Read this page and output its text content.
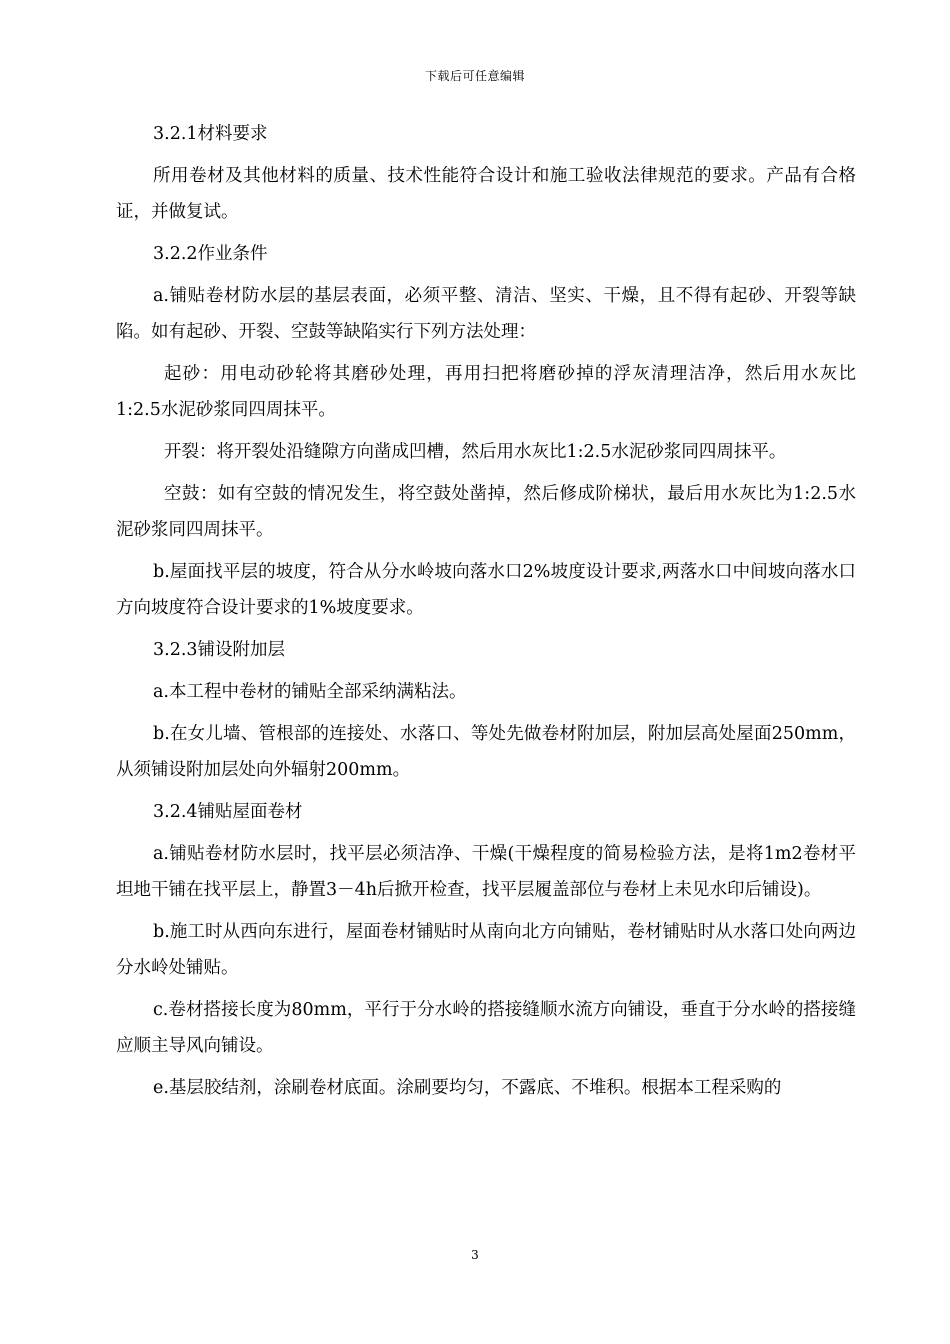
下载后可任意编辑

3.2.1材料要求

所用卷材及其他材料的质量、技术性能符合设计和施工验收法律规范的要求。产品有合格证，并做复试。

3.2.2作业条件

a.铺贴卷材防水层的基层表面，必须平整、清洁、坚实、干燥，且不得有起砂、开裂等缺陷。如有起砂、开裂、空鼓等缺陷实行下列方法处理：

起砂：用电动砂轮将其磨砂处理，再用扫把将磨砂掉的浮灰清理洁净，然后用水灰比1:2.5水泥砂浆同四周抹平。

开裂：将开裂处沿缝隙方向凿成凹槽，然后用水灰比1:2.5水泥砂浆同四周抹平。

空鼓：如有空鼓的情况发生，将空鼓处凿掉，然后修成阶梯状，最后用水灰比为1:2.5水泥砂浆同四周抹平。

b.屋面找平层的坡度，符合从分水岭坡向落水口2%坡度设计要求,两落水口中间坡向落水口方向坡度符合设计要求的1%坡度要求。

3.2.3铺设附加层

a.本工程中卷材的铺贴全部采纳满粘法。

b.在女儿墙、管根部的连接处、水落口、等处先做卷材附加层，附加层高处屋面250mm，从须铺设附加层处向外辐射200mm。

3.2.4铺贴屋面卷材

a.铺贴卷材防水层时，找平层必须洁净、干燥(干燥程度的简易检验方法，是将1m2卷材平坦地干铺在找平层上，静置3－4h后掀开检查，找平层履盖部位与卷材上未见水印后铺设)。

b.施工时从西向东进行，屋面卷材铺贴时从南向北方向铺贴，卷材铺贴时从水落口处向两边分水岭处铺贴。

c.卷材搭接长度为80mm，平行于分水岭的搭接缝顺水流方向铺设，垂直于分水岭的搭接缝应顺主导风向铺设。

e.基层胶结剂，涂刷卷材底面。涂刷要均匀，不露底、不堆积。根据本工程采购的

3
